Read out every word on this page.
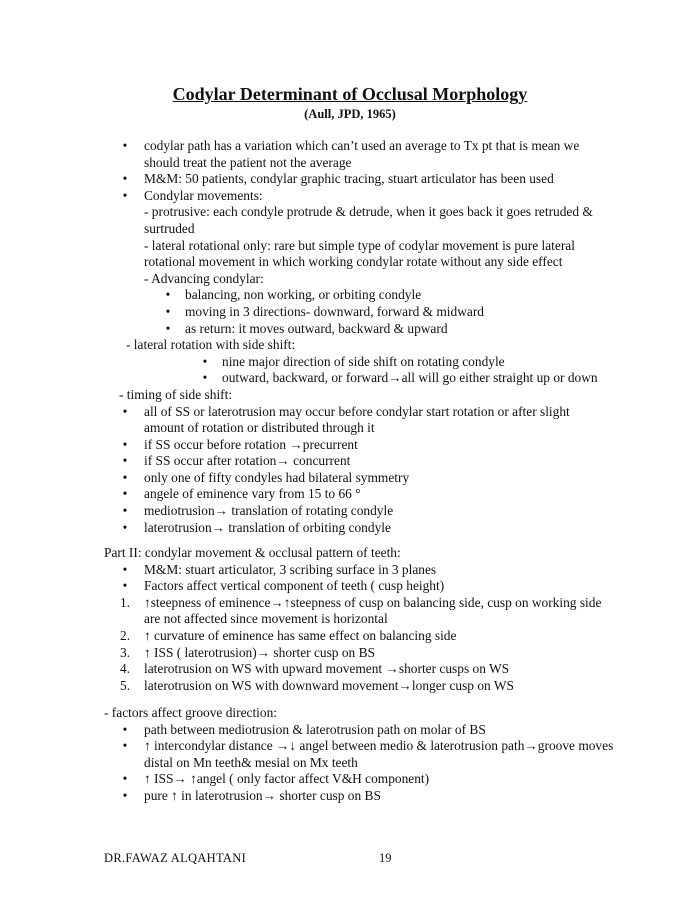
Codylar Determinant of Occlusal Morphology
(Aull, JPD, 1965)
• codylar path has a variation which can’t used an average to Tx pt that is mean we should treat the patient not the average
• M&M: 50 patients, condylar graphic tracing, stuart articulator has been used
• Condylar movements:
- protrusive: each condyle protrude & detrude, when it goes back it goes retruded & surtruded
- lateral rotational only: rare but simple type of codylar movement is pure lateral rotational movement in which working condylar rotate without any side effect
- Advancing condylar:
• balancing, non working, or orbiting condyle
• moving in 3 directions- downward, forward & midward
• as return: it moves outward, backward & upward
- lateral rotation with side shift:
• nine major direction of side shift on rotating condyle
• outward, backward, or forward→all will go either straight up or down
- timing of side shift:
• all of SS or laterotrusion may occur before condylar start rotation or after slight amount of rotation or distributed through it
• if SS occur before rotation →precurrent
• if SS occur after rotation→ concurrent
• only one of fifty condyles had bilateral symmetry
• angele of eminence vary from 15 to 66 °
• mediotrusion→ translation of rotating condyle
• laterotrusion→ translation of orbiting condyle
Part II: condylar movement & occlusal pattern of teeth:
• M&M: stuart articulator, 3 scribing surface in 3 planes
• Factors affect vertical component of teeth ( cusp height)
1. ↑steepness of eminence→↑steepness of cusp on balancing side, cusp on working side are not affected since movement is horizontal
2. ↑ curvature of eminence has same effect on balancing side
3. ↑ ISS ( laterotrusion)→ shorter cusp on BS
4. laterotrusion on WS with upward movement →shorter cusps on WS
5. laterotrusion on WS with downward movement→longer cusp on WS
- factors affect groove direction:
• path between mediotrusion & laterotrusion path on molar of BS
• ↑ intercondylar distance →↓ angel between medio & laterotrusion path→groove moves distal on Mn teeth& mesial on Mx teeth
• ↑ ISS→ ↑angel ( only factor affect V&H component)
• pure ↑ in laterotrusion→ shorter cusp on BS
DR.FAWAZ ALQAHTANI	19
